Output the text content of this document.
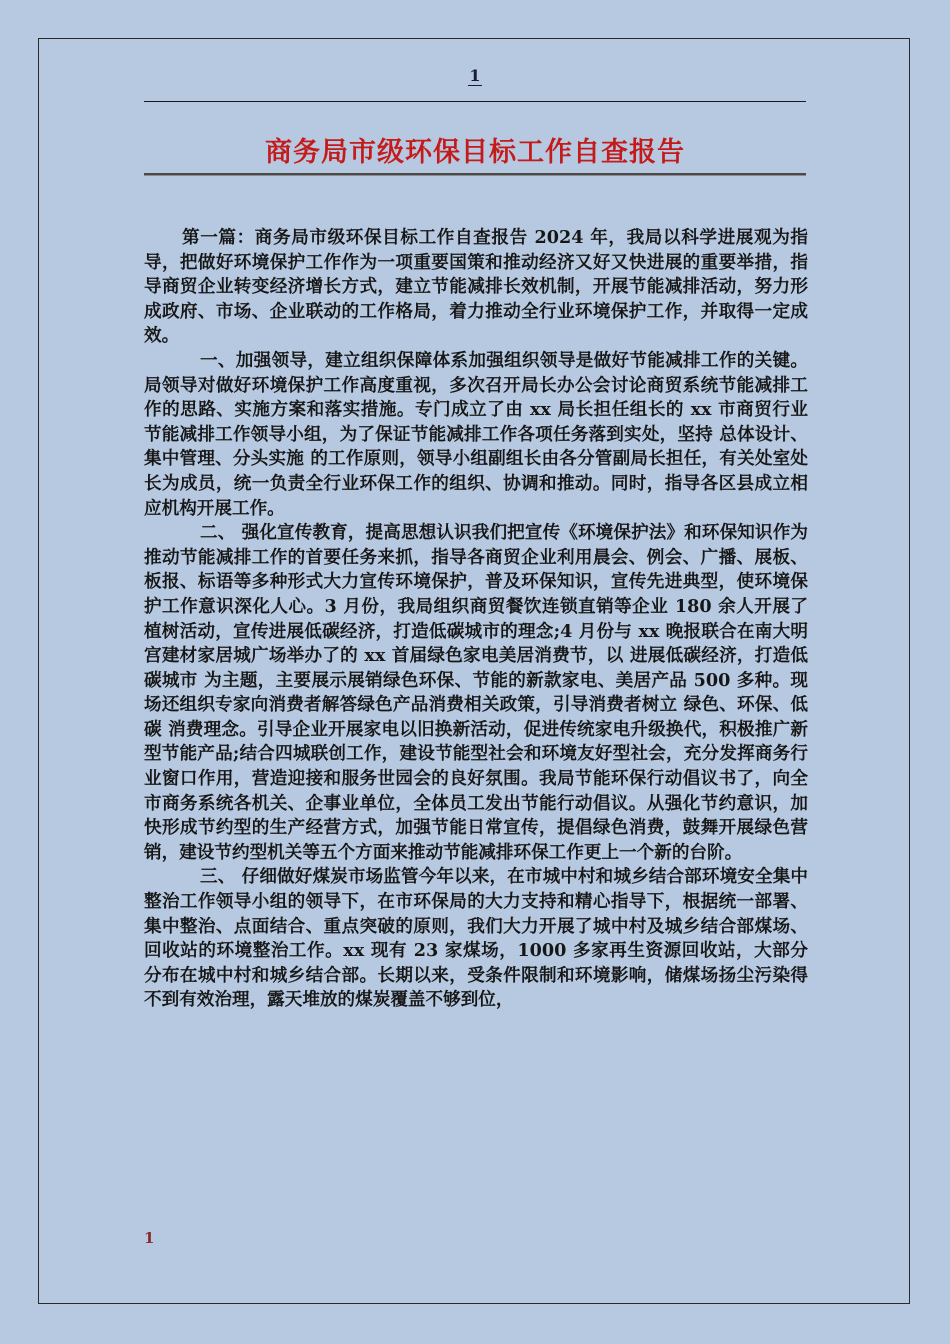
1
商务局市级环保目标工作自查报告

第一篇：商务局市级环保目标工作自查报告 2024 年，我局以科学进展观为指导，把做好环境保护工作作为一项重要国策和推动经济又好又快进展的重要举措，指导商贸企业转变经济增长方式，建立节能减排长效机制，开展节能减排活动，努力形成政府、市场、企业联动的工作格局，着力推动全行业环境保护工作，并取得一定成效。

一、加强领导，建立组织保障体系加强组织领导是做好节能减排工作的关键。局领导对做好环境保护工作高度重视，多次召开局长办公会讨论商贸系统节能减排工作的思路、实施方案和落实措施。专门成立了由 xx 局长担任组长的 xx 市商贸行业节能减排工作领导小组，为了保证节能减排工作各项任务落到实处，坚持 总体设计、集中管理、分头实施 的工作原则，领导小组副组长由各分管副局长担任，有关处室处长为成员，统一负责全行业环保工作的组织、协调和推动。同时，指导各区县成立相应机构开展工作。

二、 强化宣传教育，提高思想认识我们把宣传《环境保护法》和环保知识作为推动节能减排工作的首要任务来抓，指导各商贸企业利用晨会、例会、广播、展板、板报、标语等多种形式大力宣传环境保护，普及环保知识，宣传先进典型，使环境保护工作意识深化人心。3 月份，我局组织商贸餐饮连锁直销等企业 180 余人开展了植树活动，宣传进展低碳经济，打造低碳城市的理念;4 月份与 xx 晚报联合在南大明宫建材家居城广场举办了的 xx 首届绿色家电美居消费节，以 进展低碳经济，打造低碳城市 为主题，主要展示展销绿色环保、节能的新款家电、美居产品 500 多种。现场还组织专家向消费者解答绿色产品消费相关政策，引导消费者树立 绿色、环保、低碳 消费理念。引导企业开展家电以旧换新活动，促进传统家电升级换代，积极推广新型节能产品;结合四城联创工作，建设节能型社会和环境友好型社会，充分发挥商务行业窗口作用，营造迎接和服务世园会的良好氛围。我局节能环保行动倡议书了，向全市商务系统各机关、企事业单位，全体员工发出节能行动倡议。从强化节约意识，加快形成节约型的生产经营方式，加强节能日常宣传，提倡绿色消费，鼓舞开展绿色营销，建设节约型机关等五个方面来推动节能减排环保工作更上一个新的台阶。

三、 仔细做好煤炭市场监管今年以来，在市城中村和城乡结合部环境安全集中整治工作领导小组的领导下，在市环保局的大力支持和精心指导下，根据统一部署、集中整治、点面结合、重点突破的原则，我们大力开展了城中村及城乡结合部煤场、回收站的环境整治工作。xx 现有 23 家煤场，1000 多家再生资源回收站，大部分分布在城中村和城乡结合部。长期以来，受条件限制和环境影响，储煤场扬尘污染得不到有效治理，露天堆放的煤炭覆盖不够到位，

1
